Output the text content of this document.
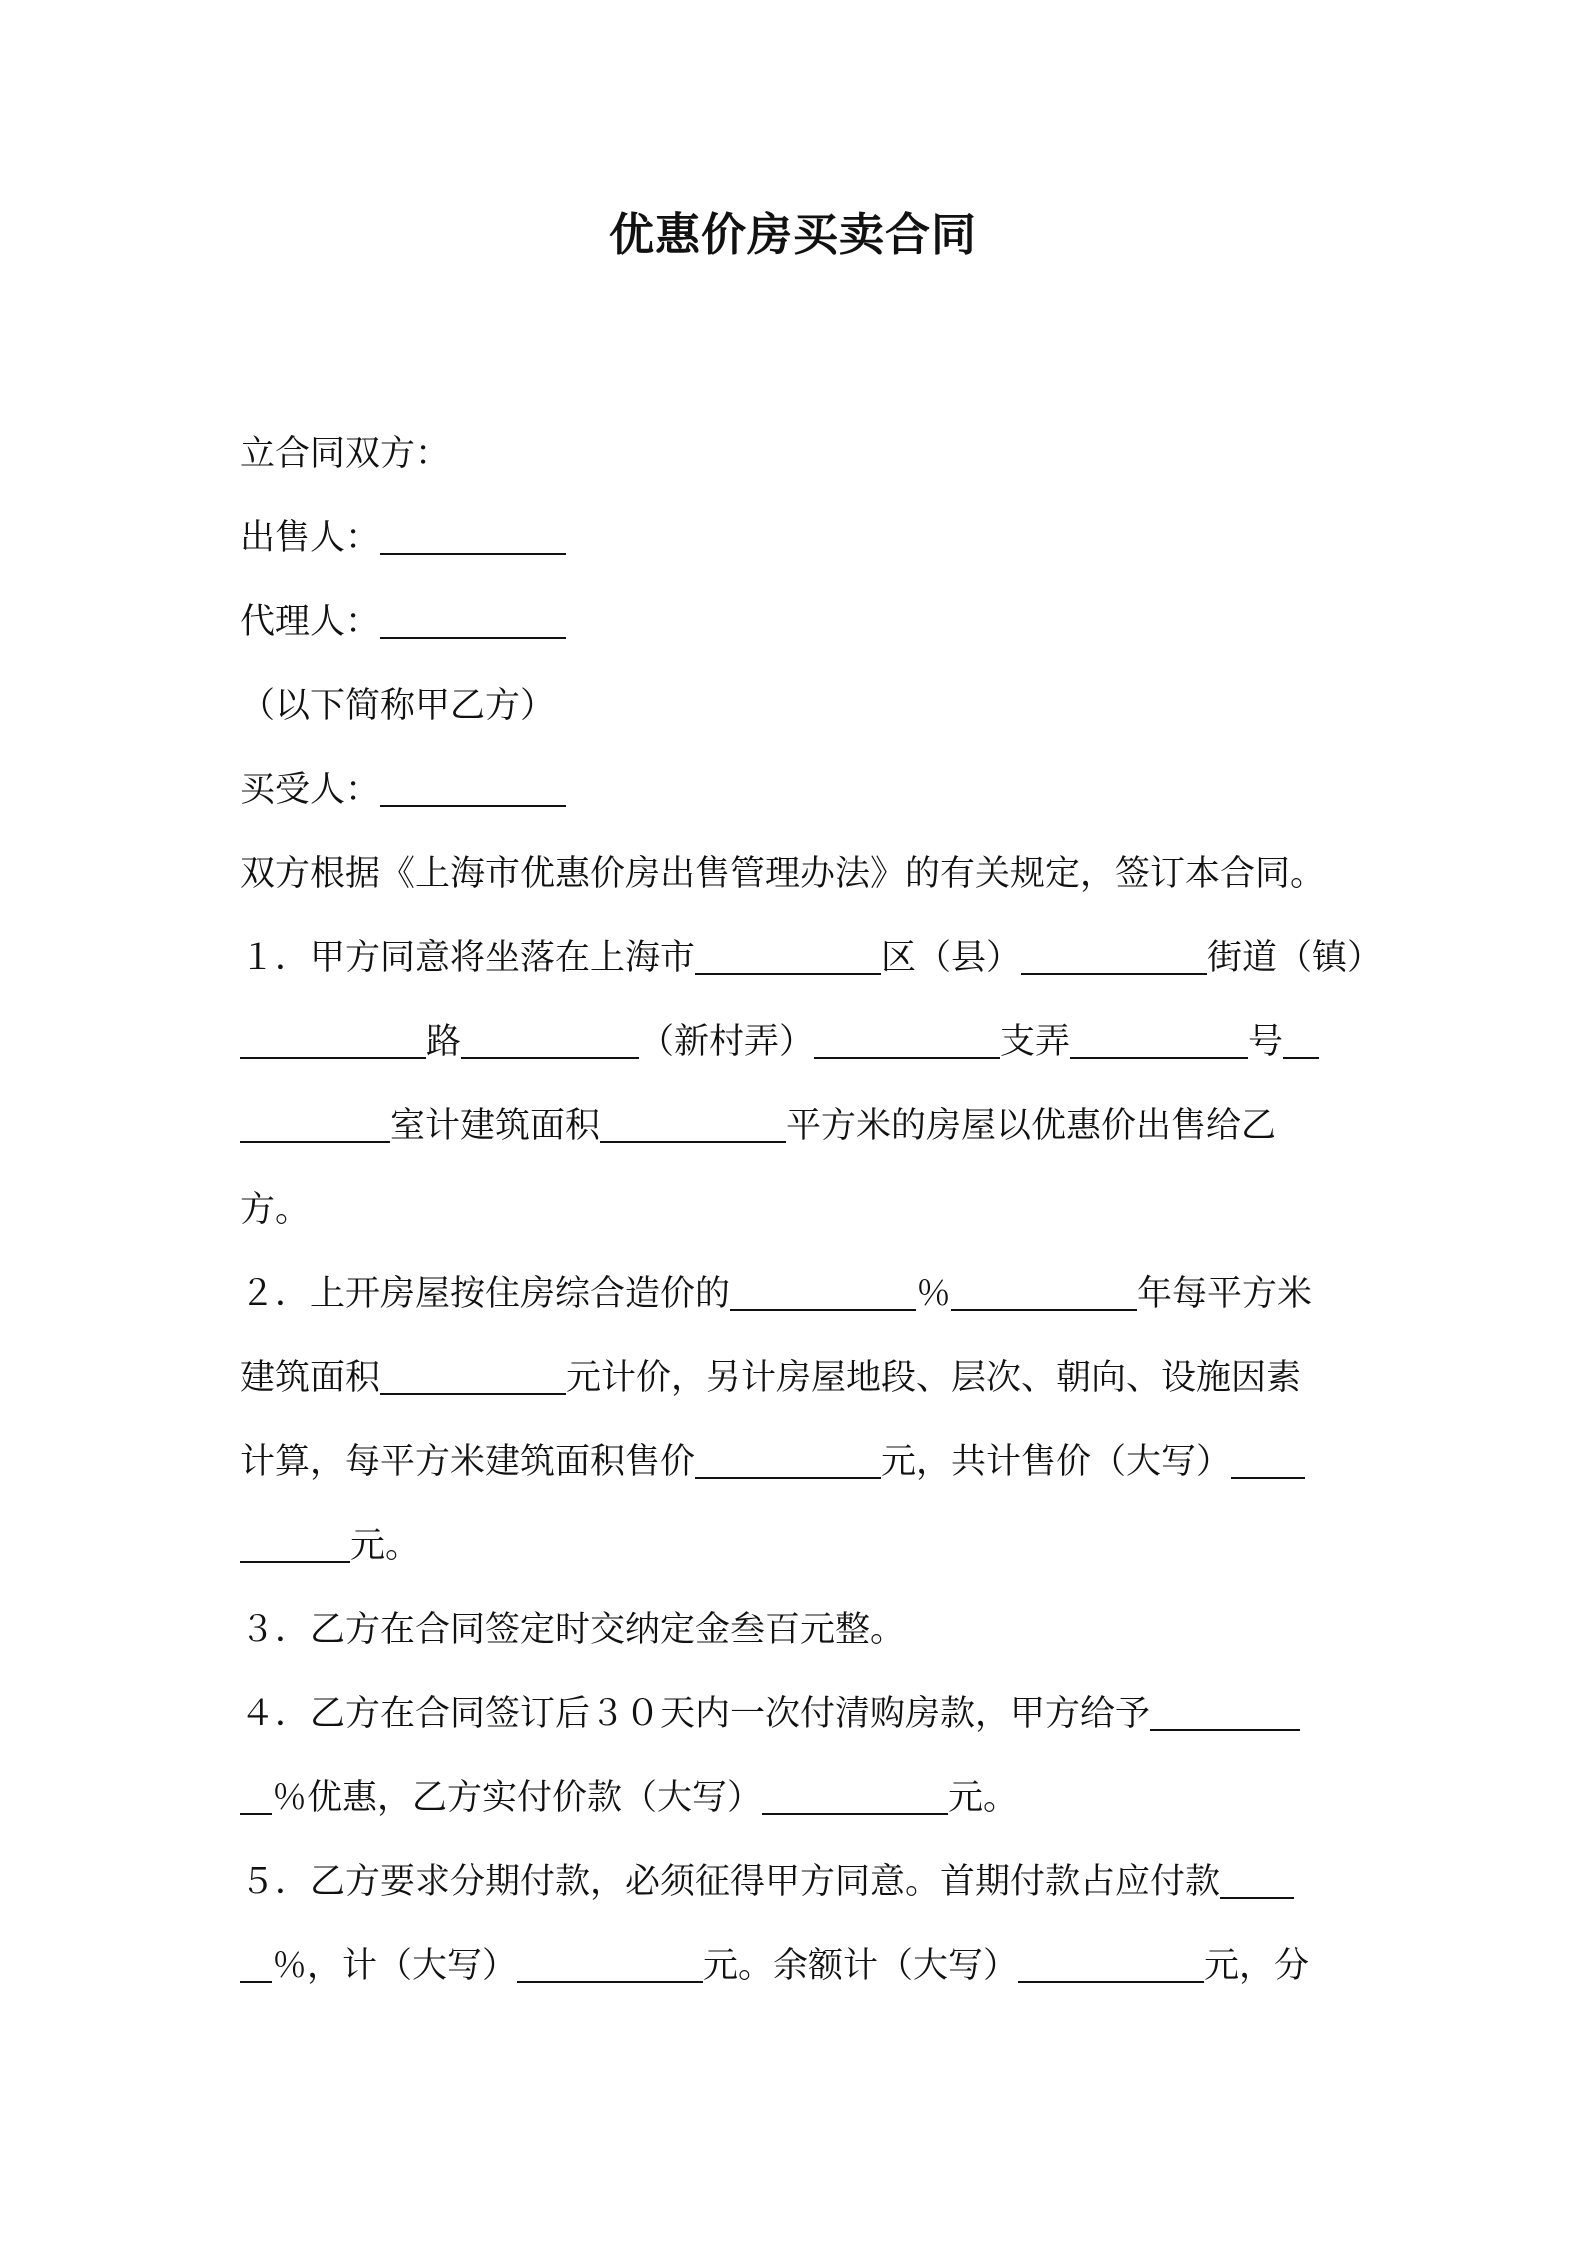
优惠价房买卖合同

立合同双方：

出售人：

代理人：

（以下简称甲乙方）

买受人：

双方根据《上海市优惠价房出售管理办法》的有关规定，签订本合同。

１．甲方同意将坐落在上海市	区（县）	街道（镇）

路	（新村弄）	支弄	号

室计建筑面积	平方米的房屋以优惠价出售给乙

方。

２．上开房屋按住房综合造价的	％	年每平方米

建筑面积	元计价，另计房屋地段、层次、朝向、设施因素

计算，每平方米建筑面积售价	元，共计售价（大写）

元。

３．乙方在合同签定时交纳定金叁百元整。

４．乙方在合同签订后３０天内一次付清购房款，甲方给予

％优惠，乙方实付价款（大写）	元。

５．乙方要求分期付款，必须征得甲方同意。首期付款占应付款

％，计（大写）	元。余额计（大写）	元，分
